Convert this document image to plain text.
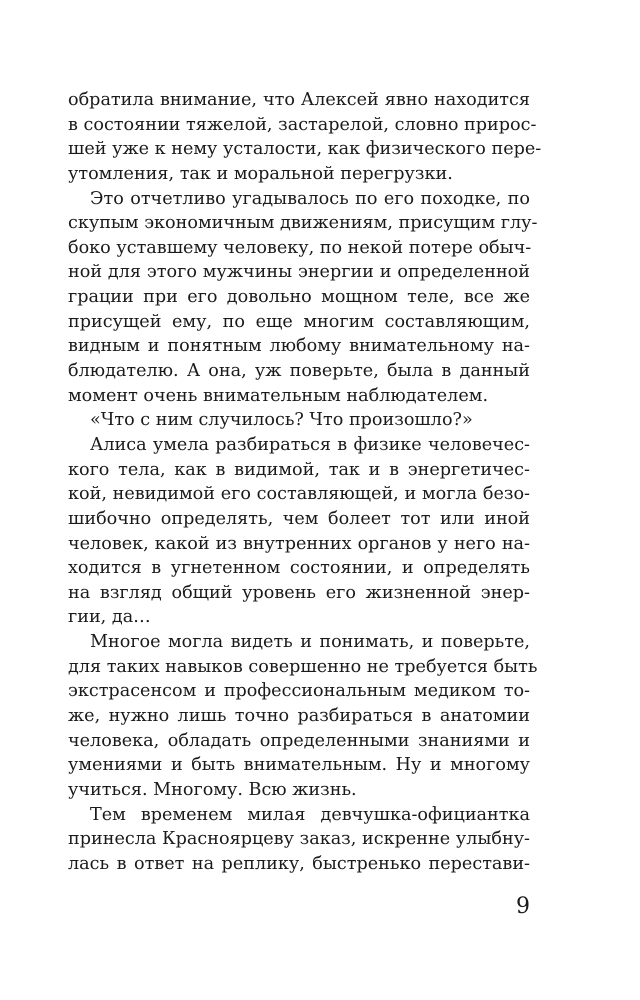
обратила внимание, что Алексей явно находится
в состоянии тяжелой, застарелой, словно прирос-
шей уже к нему усталости, как физического пере-
утомления, так и моральной перегрузки.
Это отчетливо угадывалось по его походке, по
скупым экономичным движениям, присущим глу-
боко уставшему человеку, по некой потере обыч-
ной для этого мужчины энергии и определенной
грации при его довольно мощном теле, все же
присущей ему, по еще многим составляющим,
видным и понятным любому внимательному на-
блюдателю. А она, уж поверьте, была в данный
момент очень внимательным наблюдателем.
«Что с ним случилось? Что произошло?»
Алиса умела разбираться в физике человечес-
кого тела, как в видимой, так и в энергетичес-
кой, невидимой его составляющей, и могла безо-
шибочно определять, чем болеет тот или иной
человек, какой из внутренних органов у него на-
ходится в угнетенном состоянии, и определять
на взгляд общий уровень его жизненной энер-
гии, да…
Многое могла видеть и понимать, и поверьте,
для таких навыков совершенно не требуется быть
экстрасенсом и профессиональным медиком то-
же, нужно лишь точно разбираться в анатомии
человека, обладать определенными знаниями и
умениями и быть внимательным. Ну и многому
учиться. Многому. Всю жизнь.
Тем временем милая девчушка-официантка
принесла Красноярцеву заказ, искренне улыбну-
лась в ответ на реплику, быстренько перестави-
9
